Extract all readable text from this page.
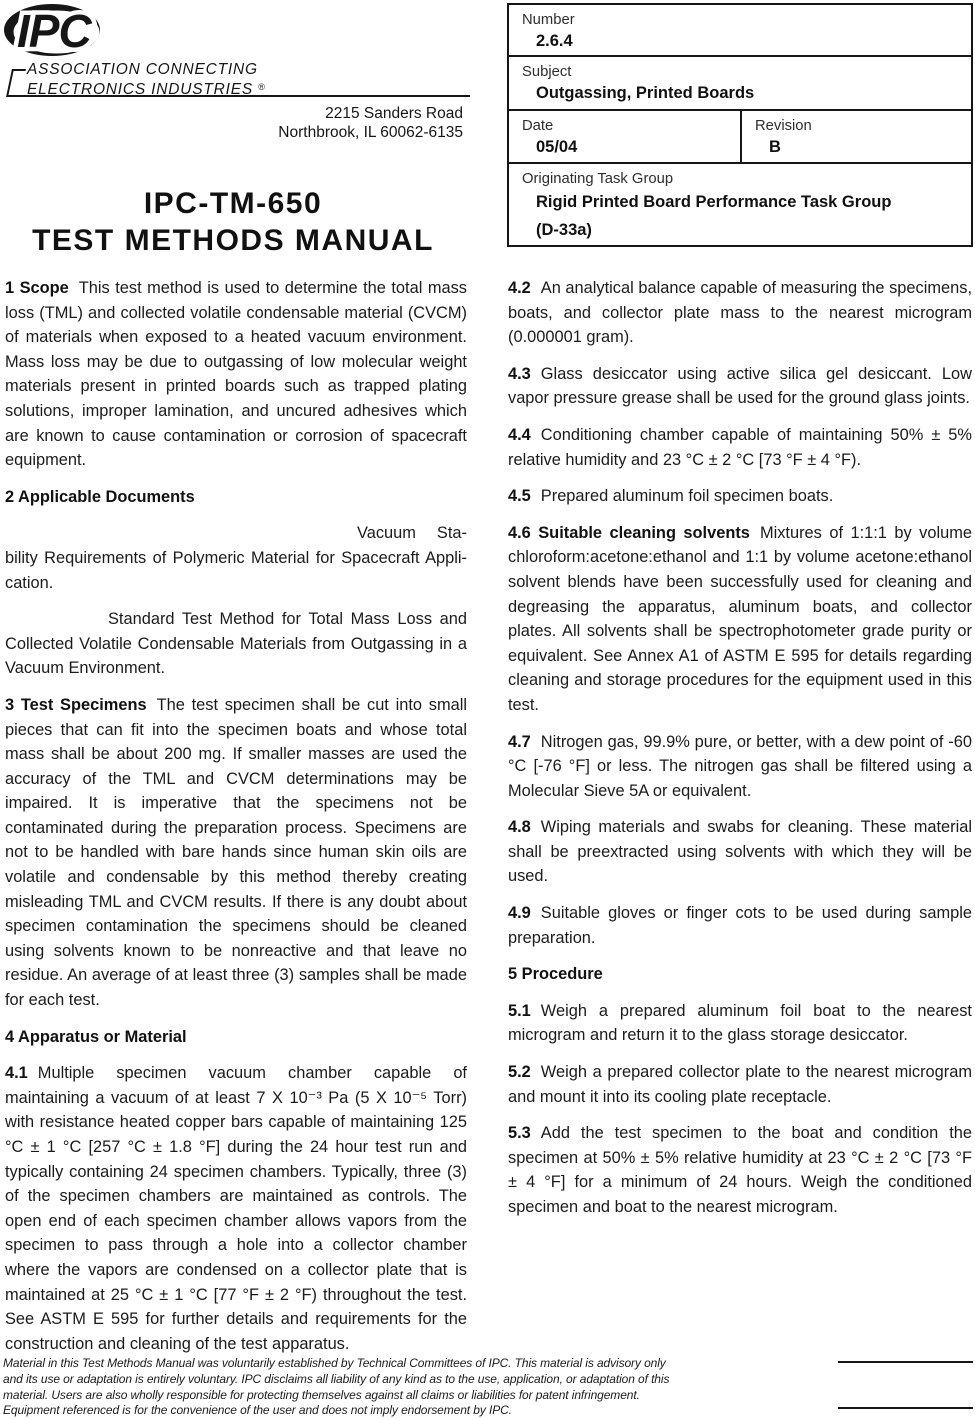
IPC
ASSOCIATION CONNECTING
ELECTRONICS INDUSTRIES ®
2215 Sanders Road
Northbrook, IL 60062-6135
IPC-TM-650
TEST METHODS MANUAL
Number
2.6.4
Subject
Outgassing, Printed Boards
Date
05/04
Revision
B
Originating Task Group
Rigid Printed Board Performance Task Group
(D-33a)

1 Scope This test method is used to determine the total mass loss (TML) and collected volatile condensable material (CVCM) of materials when exposed to a heated vacuum environment. Mass loss may be due to outgassing of low molecular weight materials present in printed boards such as trapped plating solutions, improper lamination, and uncured adhesives which are known to cause contamination or corrosion of spacecraft equipment.

2 Applicable Documents

Vacuum Stability Requirements of Polymeric Material for Spacecraft Application.

Standard Test Method for Total Mass Loss and Collected Volatile Condensable Materials from Outgassing in a Vacuum Environment.

3 Test Specimens The test specimen shall be cut into small pieces that can fit into the specimen boats and whose total mass shall be about 200 mg. If smaller masses are used the accuracy of the TML and CVCM determinations may be impaired. It is imperative that the specimens not be contaminated during the preparation process. Specimens are not to be handled with bare hands since human skin oils are volatile and condensable by this method thereby creating misleading TML and CVCM results. If there is any doubt about specimen contamination the specimens should be cleaned using solvents known to be nonreactive and that leave no residue. An average of at least three (3) samples shall be made for each test.

4 Apparatus or Material

4.1 Multiple specimen vacuum chamber capable of maintaining a vacuum of at least 7 X 10⁻³ Pa (5 X 10⁻⁵ Torr) with resistance heated copper bars capable of maintaining 125 °C ± 1 °C [257 °C ± 1.8 °F] during the 24 hour test run and typically containing 24 specimen chambers. Typically, three (3) of the specimen chambers are maintained as controls. The open end of each specimen chamber allows vapors from the specimen to pass through a hole into a collector chamber where the vapors are condensed on a collector plate that is maintained at 25 °C ± 1 °C [77 °F ± 2 °F) throughout the test. See ASTM E 595 for further details and requirements for the construction and cleaning of the test apparatus.

4.2 An analytical balance capable of measuring the specimens, boats, and collector plate mass to the nearest microgram (0.000001 gram).

4.3 Glass desiccator using active silica gel desiccant. Low vapor pressure grease shall be used for the ground glass joints.

4.4 Conditioning chamber capable of maintaining 50% ± 5% relative humidity and 23 °C ± 2 °C [73 °F ± 4 °F).

4.5 Prepared aluminum foil specimen boats.

4.6 Suitable cleaning solvents Mixtures of 1:1:1 by volume chloroform:acetone:ethanol and 1:1 by volume acetone:ethanol solvent blends have been successfully used for cleaning and degreasing the apparatus, aluminum boats, and collector plates. All solvents shall be spectrophotometer grade purity or equivalent. See Annex A1 of ASTM E 595 for details regarding cleaning and storage procedures for the equipment used in this test.

4.7 Nitrogen gas, 99.9% pure, or better, with a dew point of -60 °C [-76 °F] or less. The nitrogen gas shall be filtered using a Molecular Sieve 5A or equivalent.

4.8 Wiping materials and swabs for cleaning. These material shall be preextracted using solvents with which they will be used.

4.9 Suitable gloves or finger cots to be used during sample preparation.

5 Procedure

5.1 Weigh a prepared aluminum foil boat to the nearest microgram and return it to the glass storage desiccator.

5.2 Weigh a prepared collector plate to the nearest microgram and mount it into its cooling plate receptacle.

5.3 Add the test specimen to the boat and condition the specimen at 50% ± 5% relative humidity at 23 °C ± 2 °C [73 °F ± 4 °F] for a minimum of 24 hours. Weigh the conditioned specimen and boat to the nearest microgram.

Material in this Test Methods Manual was voluntarily established by Technical Committees of IPC. This material is advisory only
and its use or adaptation is entirely voluntary. IPC disclaims all liability of any kind as to the use, application, or adaptation of this
material. Users are also wholly responsible for protecting themselves against all claims or liabilities for patent infringement.
Equipment referenced is for the convenience of the user and does not imply endorsement by IPC.
